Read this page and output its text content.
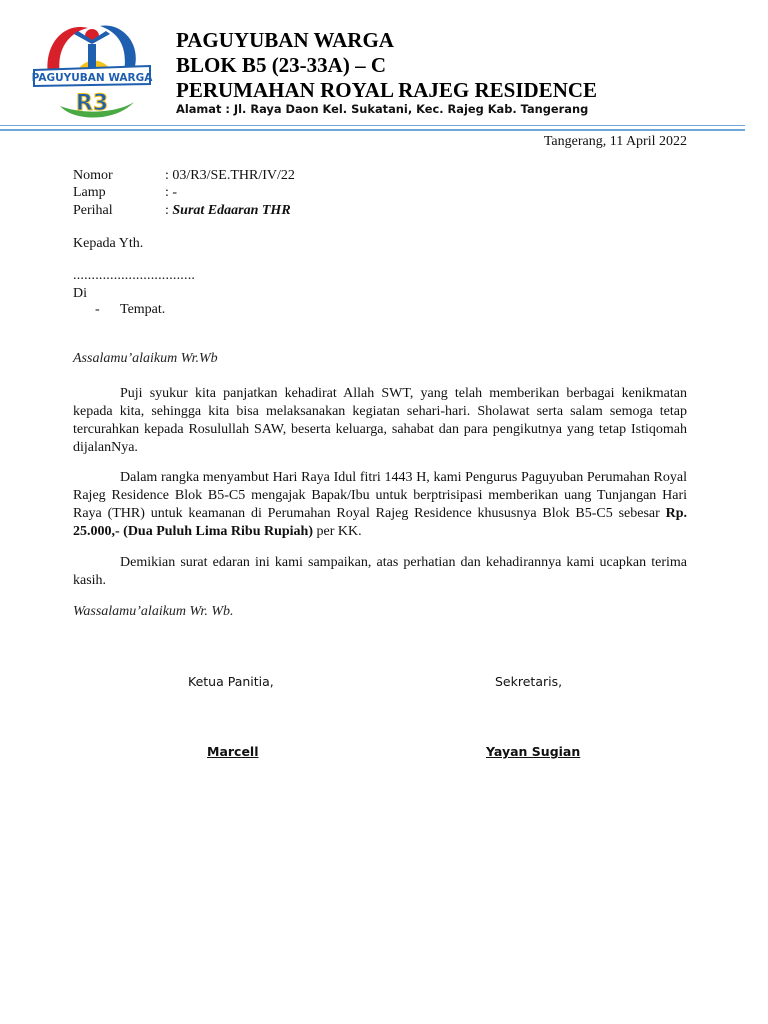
PAGUYUBAN WARGA
R3
PAGUYUBAN WARGA
BLOK B5 (23-33A) – C
PERUMAHAN ROYAL RAJEG RESIDENCE
Alamat : Jl. Raya Daon Kel. Sukatani, Kec. Rajeg Kab. Tangerang
Tangerang, 11 April 2022
Nomor	: 03/R3/SE.THR/IV/22
Lamp	: -
Perihal	: Surat Edaaran THR
Kepada Yth.
.................................
Di
- Tempat.
Assalamu’alaikum Wr.Wb

Puji syukur kita panjatkan kehadirat Allah SWT, yang telah memberikan berbagai kenikmatan kepada kita, sehingga kita bisa melaksanakan kegiatan sehari-hari. Sholawat serta salam semoga tetap tercurahkan kepada Rosulullah SAW, beserta keluarga, sahabat dan para pengikutnya yang tetap Istiqomah dijalanNya.

Dalam rangka menyambut Hari Raya Idul fitri 1443 H, kami Pengurus Paguyuban Perumahan Royal Rajeg Residence Blok B5-C5 mengajak Bapak/Ibu untuk berptrisipasi memberikan uang Tunjangan Hari Raya (THR) untuk keamanan di Perumahan Royal Rajeg Residence khususnya Blok B5-C5 sebesar Rp. 25.000,- (Dua Puluh Lima Ribu Rupiah) per KK.

Demikian surat edaran ini kami sampaikan, atas perhatian dan kehadirannya kami ucapkan terima kasih.

Wassalamu’alaikum Wr. Wb.
Ketua Panitia,	Sekretaris,
Marcell	Yayan Sugian
